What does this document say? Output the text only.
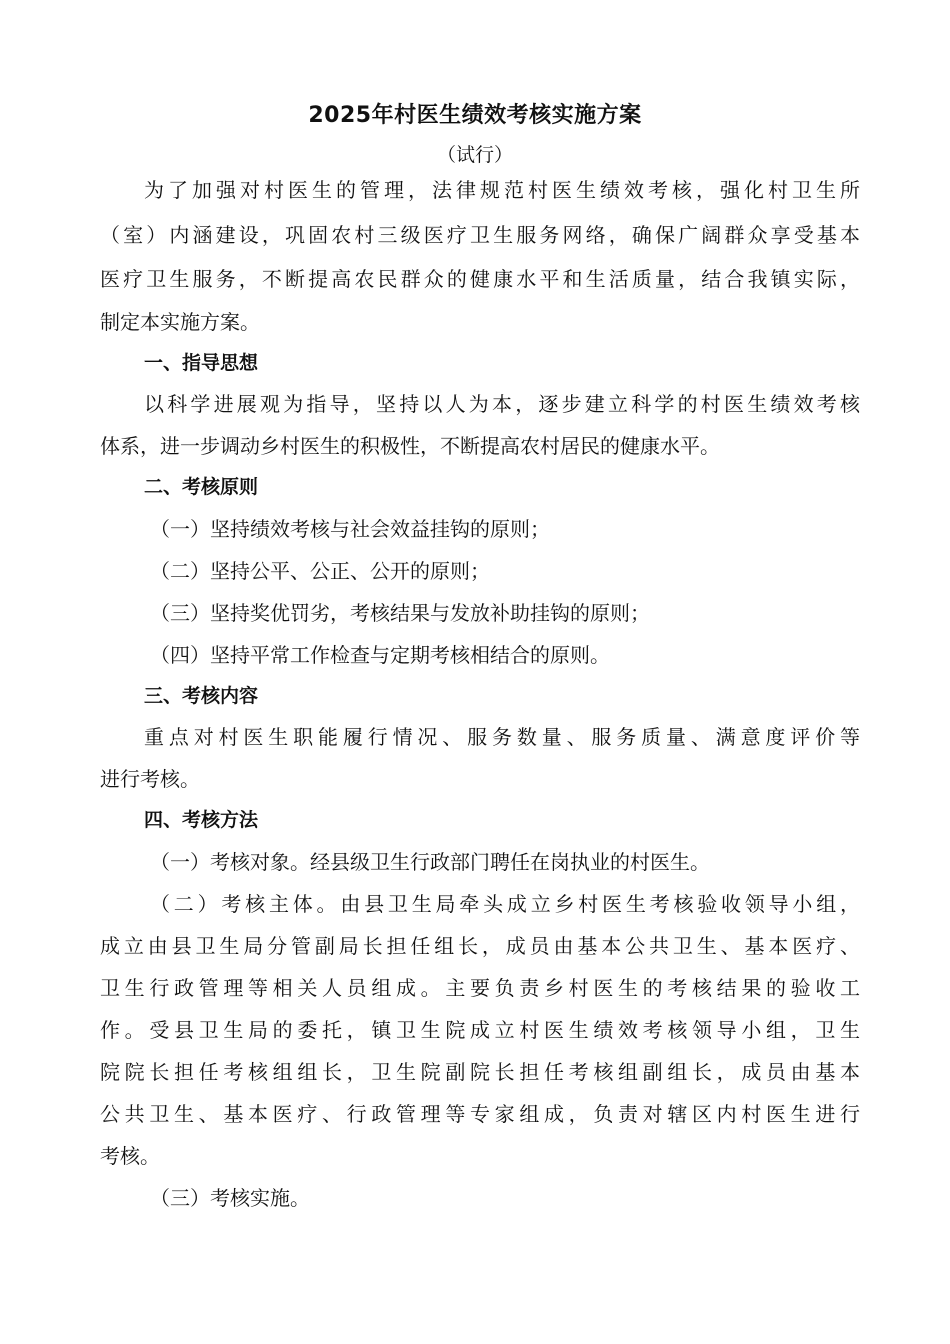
2025年村医生绩效考核实施方案
（试行）
为了加强对村医生的管理，法律规范村医生绩效考核，强化村卫生所
（室）内涵建设，巩固农村三级医疗卫生服务网络，确保广阔群众享受基本
医疗卫生服务，不断提高农民群众的健康水平和生活质量，结合我镇实际，
制定本实施方案。
一、指导思想
以科学进展观为指导，坚持以人为本，逐步建立科学的村医生绩效考核
体系，进一步调动乡村医生的积极性，不断提高农村居民的健康水平。
二、考核原则
（一）坚持绩效考核与社会效益挂钩的原则；
（二）坚持公平、公正、公开的原则；
（三）坚持奖优罚劣，考核结果与发放补助挂钩的原则；
（四）坚持平常工作检查与定期考核相结合的原则。
三、考核内容
重点对村医生职能履行情况、服务数量、服务质量、满意度评价等
进行考核。
四、考核方法
（一）考核对象。经县级卫生行政部门聘任在岗执业的村医生。
（二）考核主体。由县卫生局牵头成立乡村医生考核验收领导小组，
成立由县卫生局分管副局长担任组长，成员由基本公共卫生、基本医疗、
卫生行政管理等相关人员组成。主要负责乡村医生的考核结果的验收工
作。受县卫生局的委托，镇卫生院成立村医生绩效考核领导小组，卫生
院院长担任考核组组长，卫生院副院长担任考核组副组长，成员由基本
公共卫生、基本医疗、行政管理等专家组成，负责对辖区内村医生进行
考核。
（三）考核实施。
